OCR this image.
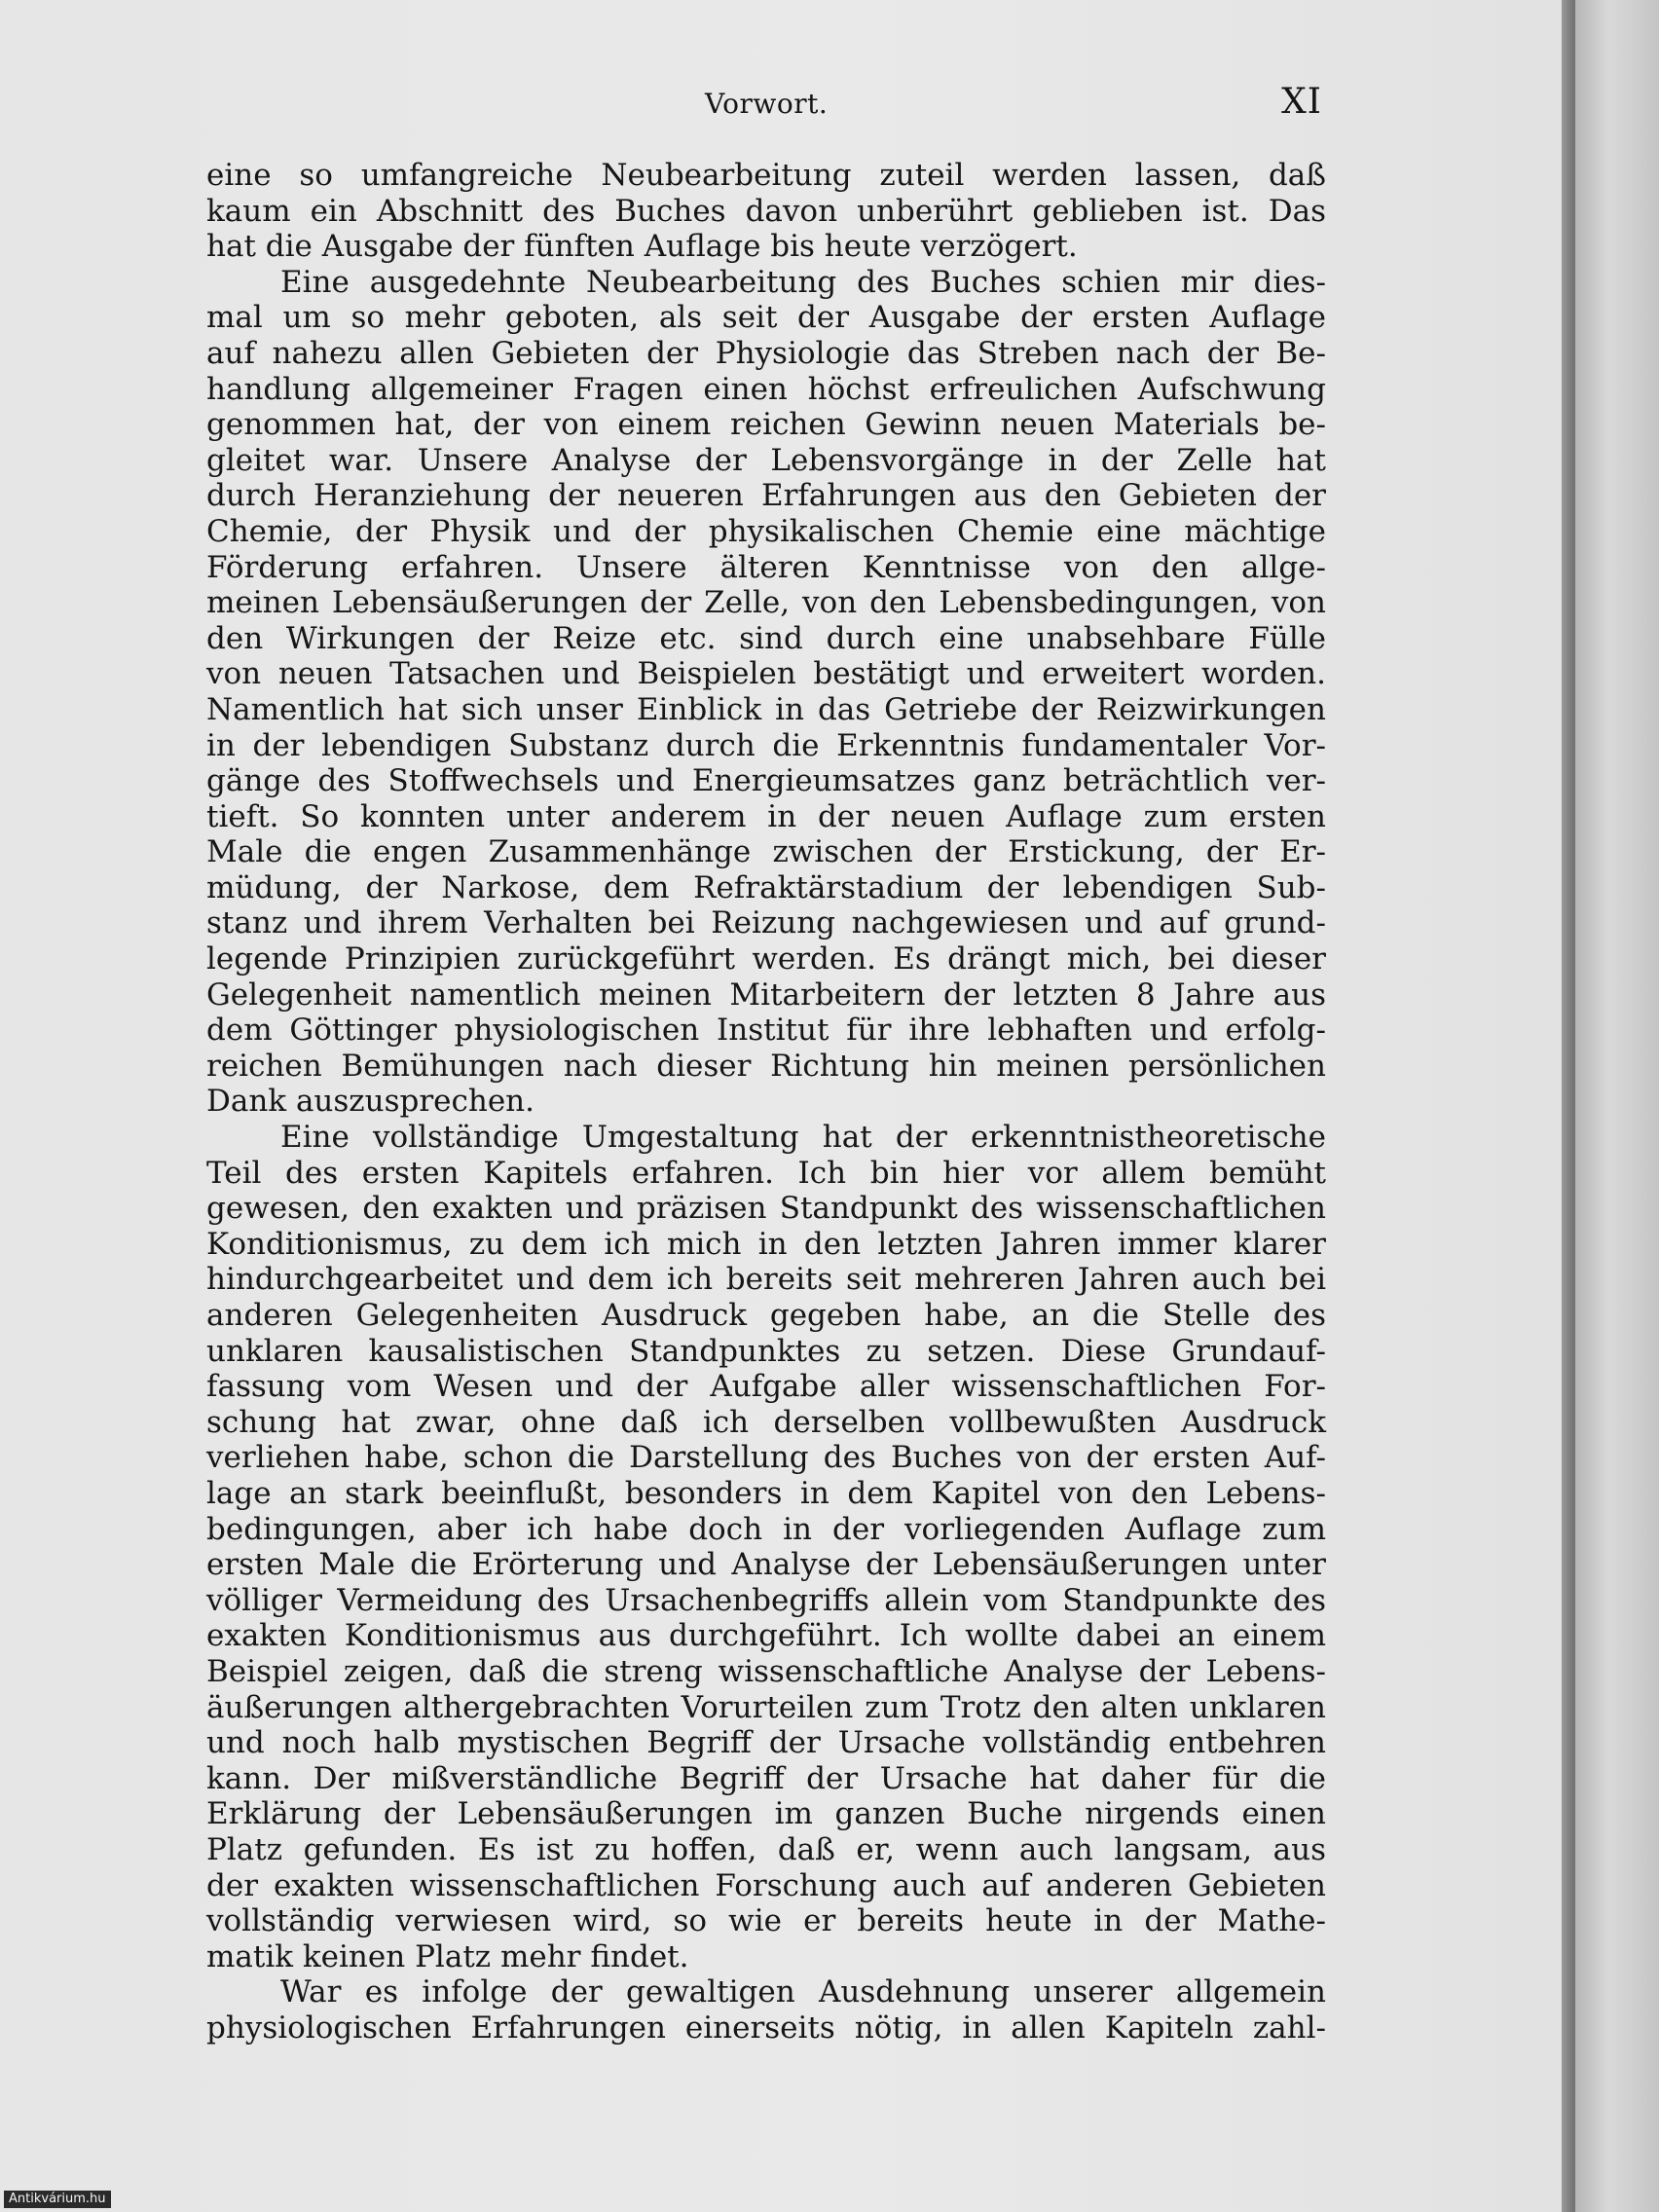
Vorwort.	XI
eine so umfangreiche Neubearbeitung zuteil werden lassen, daß
kaum ein Abschnitt des Buches davon unberührt geblieben ist. Das
hat die Ausgabe der fünften Auflage bis heute verzögert.
Eine ausgedehnte Neubearbeitung des Buches schien mir dies-
mal um so mehr geboten, als seit der Ausgabe der ersten Auflage
auf nahezu allen Gebieten der Physiologie das Streben nach der Be-
handlung allgemeiner Fragen einen höchst erfreulichen Aufschwung
genommen hat, der von einem reichen Gewinn neuen Materials be-
gleitet war. Unsere Analyse der Lebensvorgänge in der Zelle hat
durch Heranziehung der neueren Erfahrungen aus den Gebieten der
Chemie, der Physik und der physikalischen Chemie eine mächtige
Förderung erfahren. Unsere älteren Kenntnisse von den allge-
meinen Lebensäußerungen der Zelle, von den Lebensbedingungen, von
den Wirkungen der Reize etc. sind durch eine unabsehbare Fülle
von neuen Tatsachen und Beispielen bestätigt und erweitert worden.
Namentlich hat sich unser Einblick in das Getriebe der Reizwirkungen
in der lebendigen Substanz durch die Erkenntnis fundamentaler Vor-
gänge des Stoffwechsels und Energieumsatzes ganz beträchtlich ver-
tieft. So konnten unter anderem in der neuen Auflage zum ersten
Male die engen Zusammenhänge zwischen der Erstickung, der Er-
müdung, der Narkose, dem Refraktärstadium der lebendigen Sub-
stanz und ihrem Verhalten bei Reizung nachgewiesen und auf grund-
legende Prinzipien zurückgeführt werden. Es drängt mich, bei dieser
Gelegenheit namentlich meinen Mitarbeitern der letzten 8 Jahre aus
dem Göttinger physiologischen Institut für ihre lebhaften und erfolg-
reichen Bemühungen nach dieser Richtung hin meinen persönlichen
Dank auszusprechen.
Eine vollständige Umgestaltung hat der erkenntnistheoretische
Teil des ersten Kapitels erfahren. Ich bin hier vor allem bemüht
gewesen, den exakten und präzisen Standpunkt des wissenschaftlichen
Konditionismus, zu dem ich mich in den letzten Jahren immer klarer
hindurchgearbeitet und dem ich bereits seit mehreren Jahren auch bei
anderen Gelegenheiten Ausdruck gegeben habe, an die Stelle des
unklaren kausalistischen Standpunktes zu setzen. Diese Grundauf-
fassung vom Wesen und der Aufgabe aller wissenschaftlichen For-
schung hat zwar, ohne daß ich derselben vollbewußten Ausdruck
verliehen habe, schon die Darstellung des Buches von der ersten Auf-
lage an stark beeinflußt, besonders in dem Kapitel von den Lebens-
bedingungen, aber ich habe doch in der vorliegenden Auflage zum
ersten Male die Erörterung und Analyse der Lebensäußerungen unter
völliger Vermeidung des Ursachenbegriffs allein vom Standpunkte des
exakten Konditionismus aus durchgeführt. Ich wollte dabei an einem
Beispiel zeigen, daß die streng wissenschaftliche Analyse der Lebens-
äußerungen althergebrachten Vorurteilen zum Trotz den alten unklaren
und noch halb mystischen Begriff der Ursache vollständig entbehren
kann. Der mißverständliche Begriff der Ursache hat daher für die
Erklärung der Lebensäußerungen im ganzen Buche nirgends einen
Platz gefunden. Es ist zu hoffen, daß er, wenn auch langsam, aus
der exakten wissenschaftlichen Forschung auch auf anderen Gebieten
vollständig verwiesen wird, so wie er bereits heute in der Mathe-
matik keinen Platz mehr findet.
War es infolge der gewaltigen Ausdehnung unserer allgemein
physiologischen Erfahrungen einerseits nötig, in allen Kapiteln zahl-
Antikvárium.hu
